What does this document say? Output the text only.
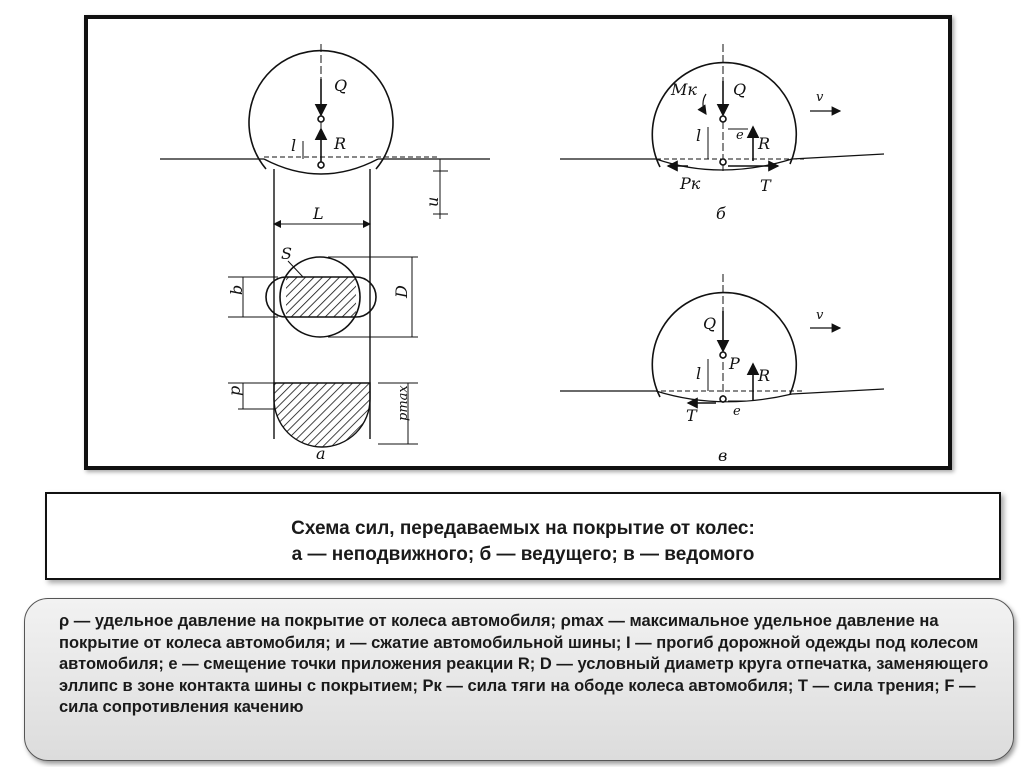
Q
R
l
L
u
S
b	D
p	pmax
а
Mк Q	v
l	e R
Pк	T
б
Q	v
l
P
R
T	e
в
Схема сил, передаваемых на покрытие от колес:
а — неподвижного; б — ведущего; в — ведомого

ρ — удельное давление на покрытие от колеса автомобиля; ρmax — максимальное удельное давление на покрытие от колеса автомобиля; и — сжатие автомобильной шины; I — прогиб дорожной одежды под колесом автомобиля; е — смещение точки приложения реакции R; D — условный диаметр круга отпечатка, заменяющего эллипс в зоне контакта шины с покрытием; Pк — сила тяги на ободе колеса автомобиля; Т — сила трения; F — сила сопротивления качению
